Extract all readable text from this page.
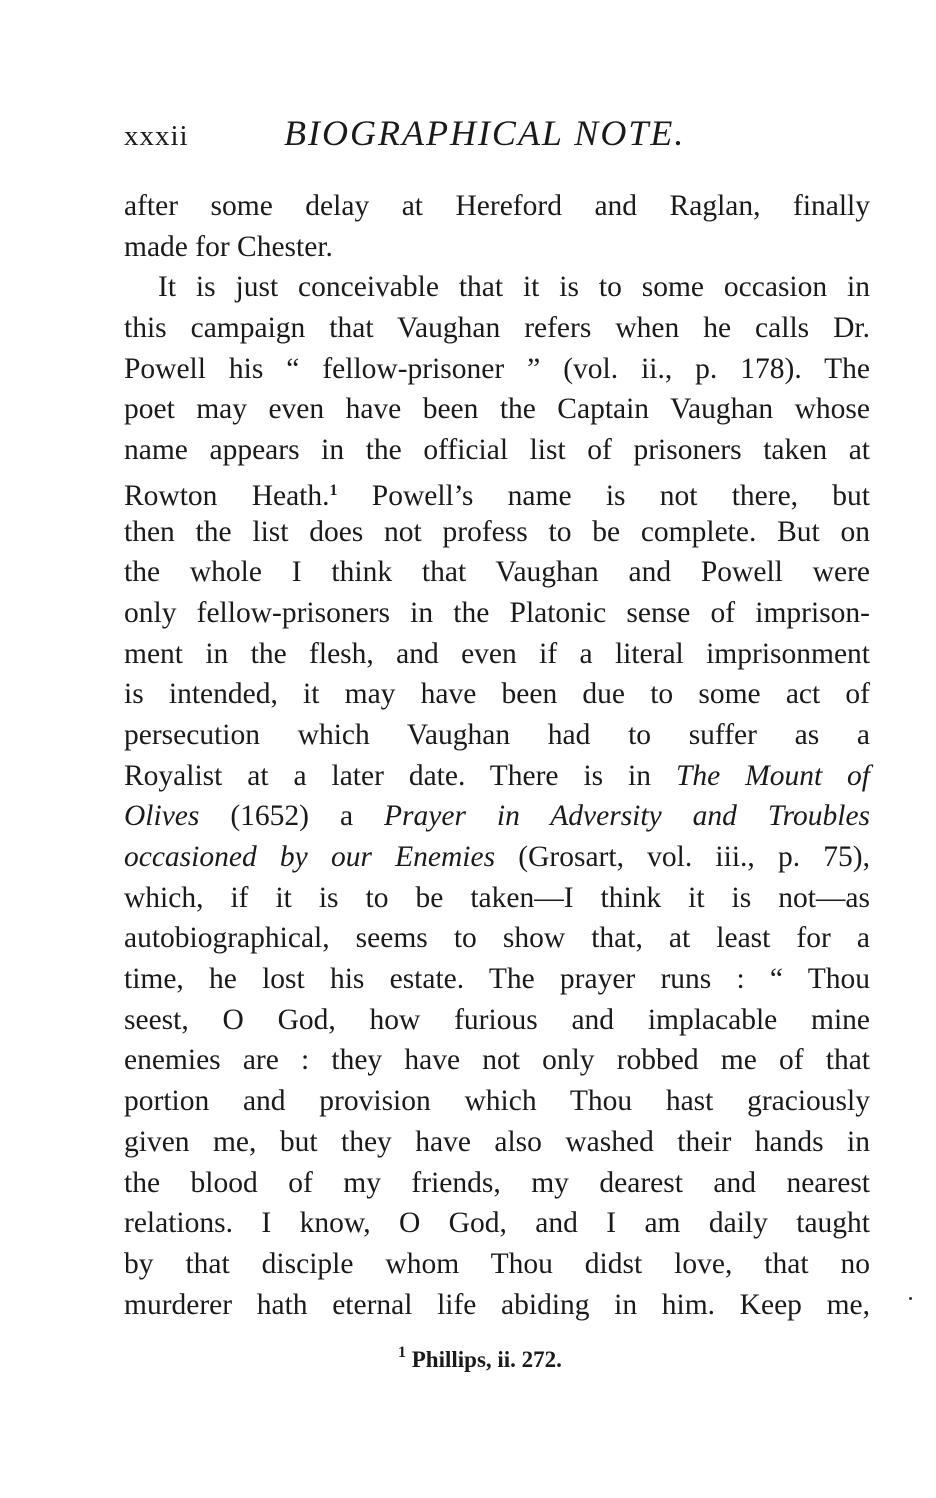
xxxii	BIOGRAPHICAL NOTE.
after some delay at Hereford and Raglan, finally
made for Chester.
It is just conceivable that it is to some occasion in
this campaign that Vaughan refers when he calls Dr.
Powell his “ fellow-prisoner ” (vol. ii., p. 178). The
poet may even have been the Captain Vaughan whose
name appears in the official list of prisoners taken at
Rowton Heath.$^1$ Powell’s name is not there, but
then the list does not profess to be complete. But on
the whole I think that Vaughan and Powell were
only fellow-prisoners in the Platonic sense of imprison-
ment in the flesh, and even if a literal imprisonment
is intended, it may have been due to some act of
persecution which Vaughan had to suffer as a
Royalist at a later date. There is in The Mount of
Olives (1652) a Prayer in Adversity and Troubles
occasioned by our Enemies (Grosart, vol. iii., p. 75),
which, if it is to be taken—I think it is not—as
autobiographical, seems to show that, at least for a
time, he lost his estate. The prayer runs : “ Thou
seest, O God, how furious and implacable mine
enemies are : they have not only robbed me of that
portion and provision which Thou hast graciously
given me, but they have also washed their hands in
the blood of my friends, my dearest and nearest
relations. I know, O God, and I am daily taught
by that disciple whom Thou didst love, that no
murderer hath eternal life abiding in him. Keep me,
$^1$ Phillips, ii. 272.
